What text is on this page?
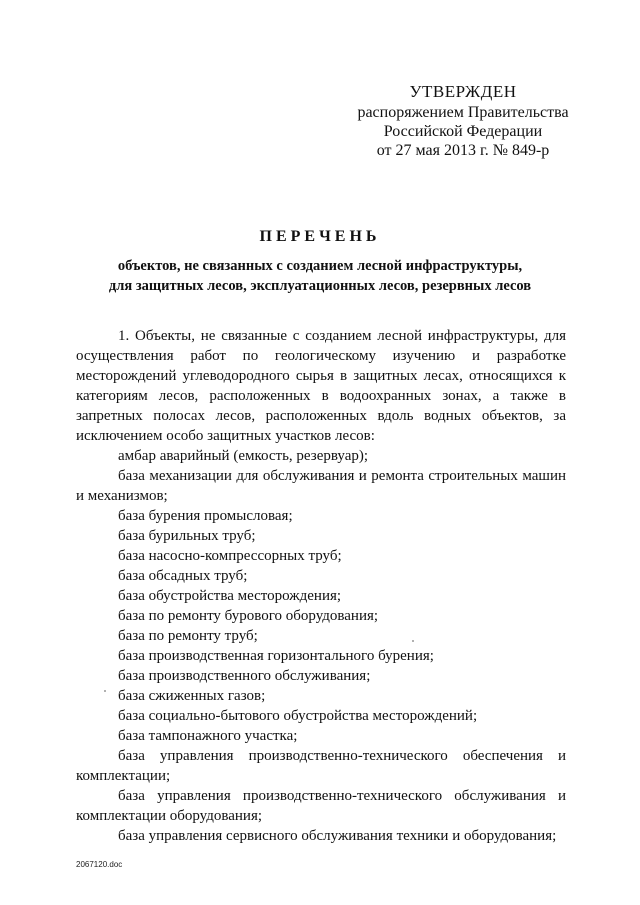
УТВЕРЖДЕН
распоряжением Правительства
Российской Федерации
от 27 мая 2013 г. № 849-р
ПЕРЕЧЕНЬ
объектов, не связанных с созданием лесной инфраструктуры,
для защитных лесов, эксплуатационных лесов, резервных лесов

1. Объекты, не связанные с созданием лесной инфраструктуры, для осуществления работ по геологическому изучению и разработке месторождений углеводородного сырья в защитных лесах, относящихся к категориям лесов, расположенных в водоохранных зонах, а также в запретных полосах лесов, расположенных вдоль водных объектов, за исключением особо защитных участков лесов:

амбар аварийный (емкость, резервуар);

база механизации для обслуживания и ремонта строительных машин и механизмов;

база бурения промысловая;

база бурильных труб;

база насосно-компрессорных труб;

база обсадных труб;

база обустройства месторождения;

база по ремонту бурового оборудования;

база по ремонту труб;

база производственная горизонтального бурения;

база производственного обслуживания;

база сжиженных газов;

база социально-бытового обустройства месторождений;

база тампонажного участка;

база управления производственно-технического обеспечения и комплектации;

база управления производственно-технического обслуживания и комплектации оборудования;

база управления сервисного обслуживания техники и оборудования;

2067120.doc
